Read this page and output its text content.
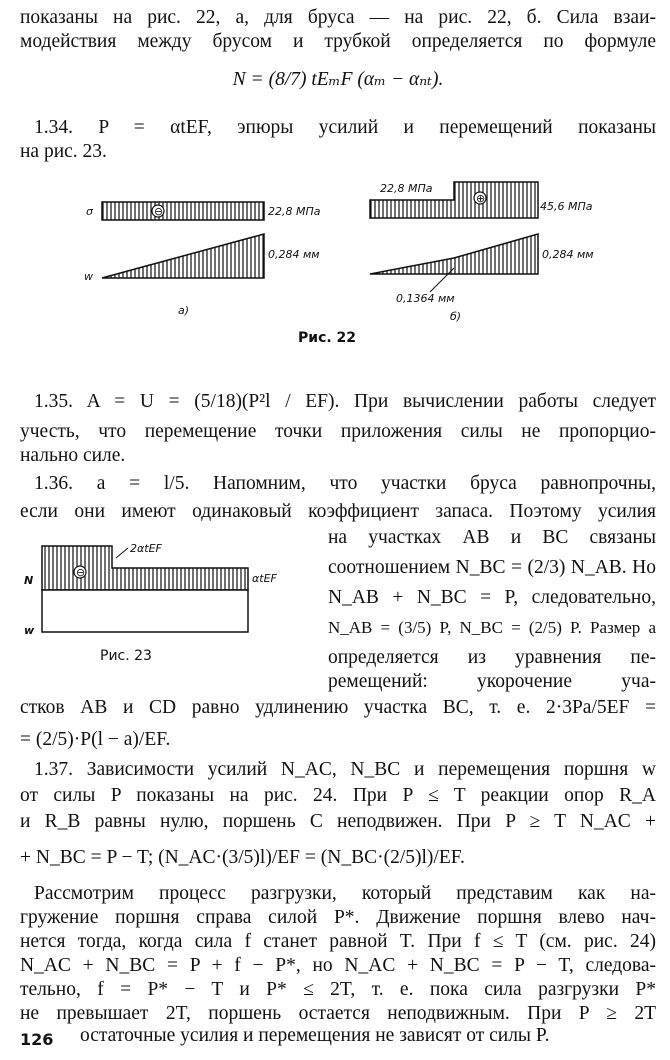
показаны на рис. 22, а, для бруса — на рис. 22, б. Сила взаи-
модействия между брусом и трубкой определяется по формуле
N = (8/7) tEₘF (αₘ − αₙₜ).
1.34. P = αtEF, эпюры усилий и перемещений показаны
на рис. 23.
⊖
σ	22,8 МПа
w
0,284 мм
а)
⊕
22,8 МПа
45,6 МПа
0,284 мм
0,1364 мм
б)
Рис. 22
1.35. A = U = (5/18)(P²l / EF). При вычислении работы следует
учесть, что перемещение точки приложения силы не пропорцио-
нально силе.
1.36. a = l/5. Напомним, что участки бруса равнопрочны,
если они имеют одинаковый коэффициент запаса. Поэтому усилия
⊖
N
w
2αtEF
αtEF
Рис. 23
на участках AB и BC связаны
соотношением N_BC = (2/3) N_AB. Но
N_AB + N_BC = P, следовательно,
N_AB = (3/5) P, N_BC = (2/5) P. Размер a
определяется из уравнения пе-
ремещений: укорочение уча-
стков AB и CD равно удлинению участка BC, т. е. 2·3Pa/5EF =
= (2/5)·P(l − a)/EF.
1.37. Зависимости усилий N_AC, N_BC и перемещения поршня w
от силы P показаны на рис. 24. При P ≤ T реакции опор R_A
и R_B равны нулю, поршень C неподвижен. При P ≥ T N_AC +
+ N_BC = P − T; (N_AC·(3/5)l)/EF = (N_BC·(2/5)l)/EF.
Рассмотрим процесс разгрузки, который представим как на-
гружение поршня справа силой P*. Движение поршня влево нач-
нется тогда, когда сила f станет равной T. При f ≤ T (см. рис. 24)
N_AC + N_BC = P + f − P*, но N_AC + N_BC = P − T, следова-
тельно, f = P* − T и P* ≤ 2T, т. е. пока сила разгрузки P*
не превышает 2T, поршень остается неподвижным. При P ≥ 2T
остаточные усилия и перемещения не зависят от силы P.
126
